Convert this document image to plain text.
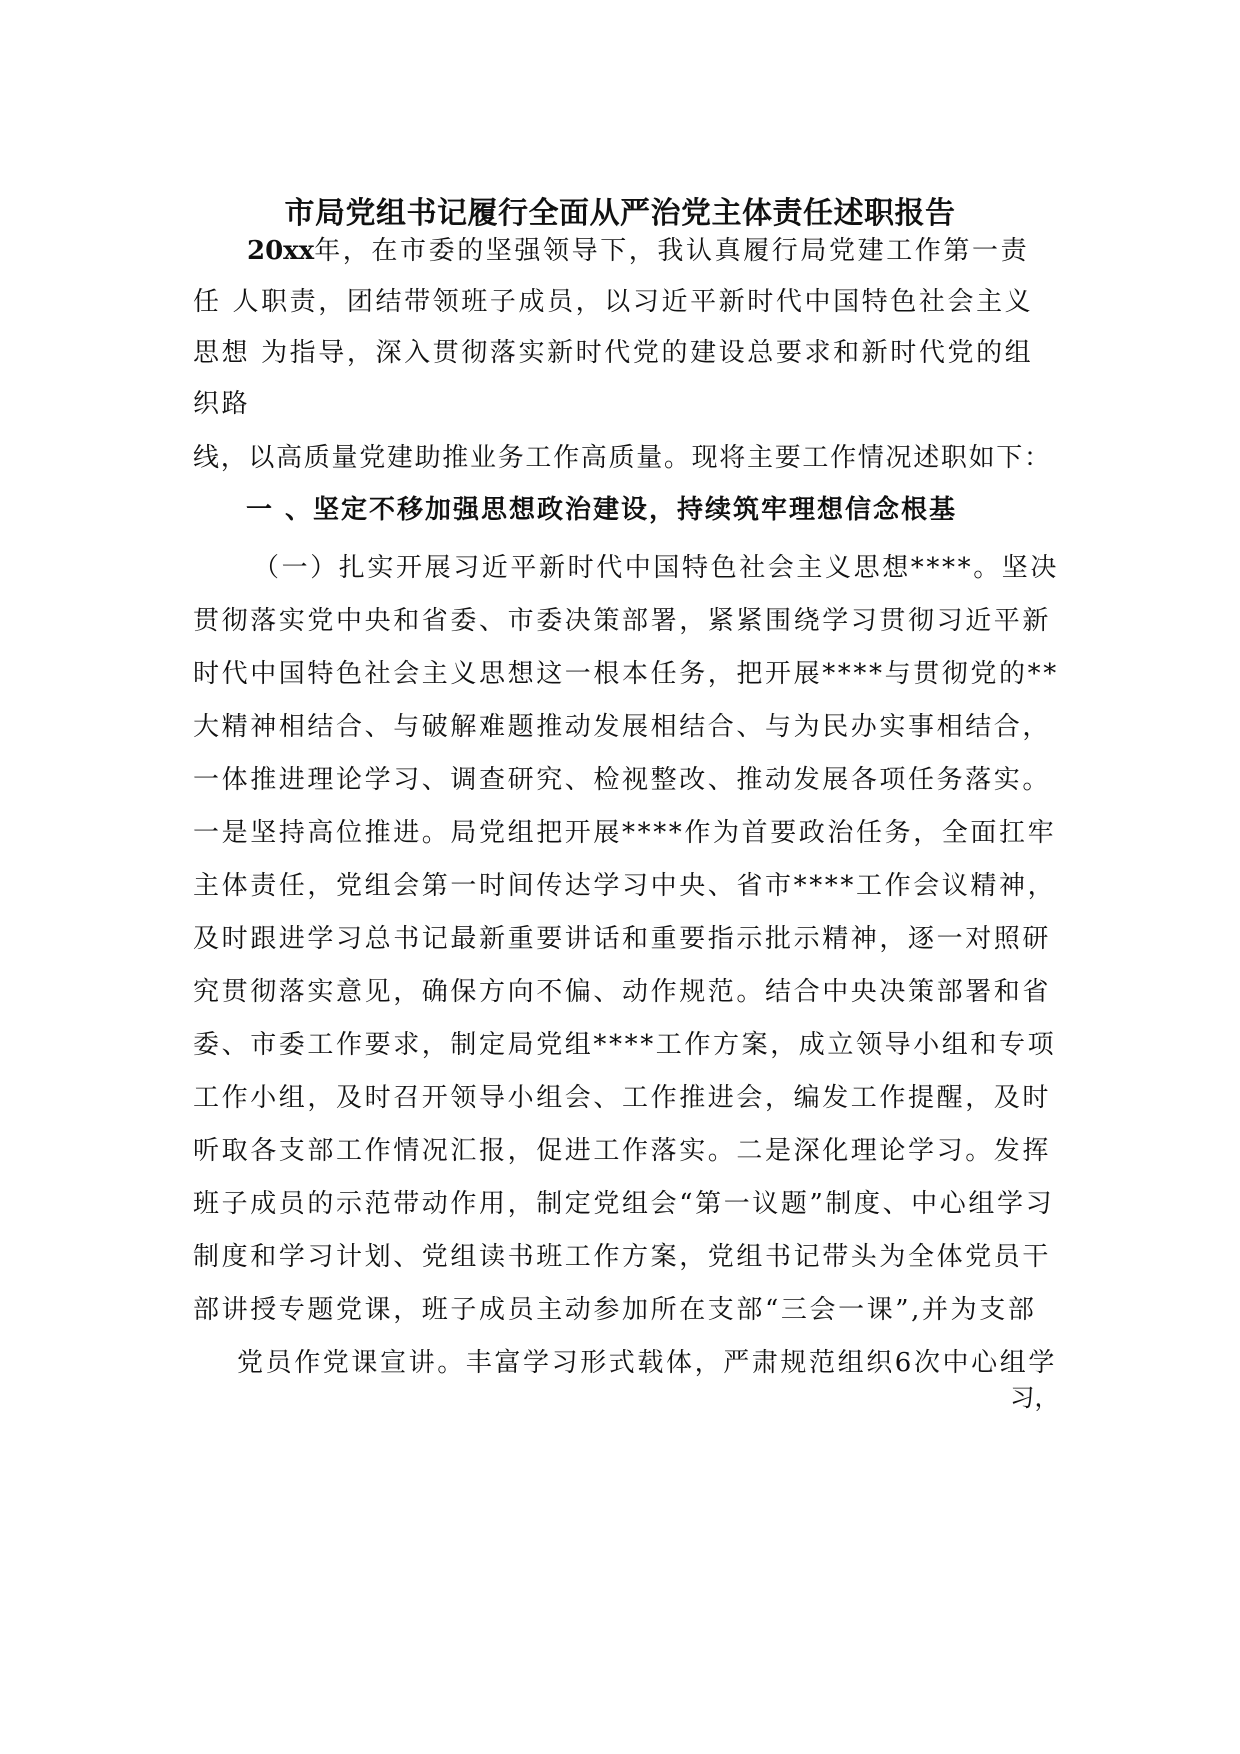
市局党组书记履行全面从严治党主体责任述职报告
20xx年，在市委的坚强领导下，我认真履行局党建工作第一责
任 人职责，团结带领班子成员，以习近平新时代中国特色社会主义
思想 为指导，深入贯彻落实新时代党的建设总要求和新时代党的组
织路
线，以高质量党建助推业务工作高质量。现将主要工作情况述职如下：
一 、坚定不移加强思想政治建设，持续筑牢理想信念根基
（一）扎实开展习近平新时代中国特色社会主义思想****。坚决
贯彻落实党中央和省委、市委决策部署，紧紧围绕学习贯彻习近平新
时代中国特色社会主义思想这一根本任务，把开展****与贯彻党的**
大精神相结合、与破解难题推动发展相结合、与为民办实事相结合，
一体推进理论学习、调查研究、检视整改、推动发展各项任务落实。
一是坚持高位推进。局党组把开展****作为首要政治任务，全面扛牢
主体责任，党组会第一时间传达学习中央、省市****工作会议精神，
及时跟进学习总书记最新重要讲话和重要指示批示精神，逐一对照研
究贯彻落实意见，确保方向不偏、动作规范。结合中央决策部署和省
委、市委工作要求，制定局党组****工作方案，成立领导小组和专项
工作小组，及时召开领导小组会、工作推进会，编发工作提醒，及时
听取各支部工作情况汇报，促进工作落实。二是深化理论学习。发挥
班子成员的示范带动作用，制定党组会“第一议题”制度、中心组学习
制度和学习计划、党组读书班工作方案，党组书记带头为全体党员干
部讲授专题党课，班子成员主动参加所在支部“三会一课”,并为支部
党员作党课宣讲。丰富学习形式载体，严肃规范组织6次中心组学
习，
